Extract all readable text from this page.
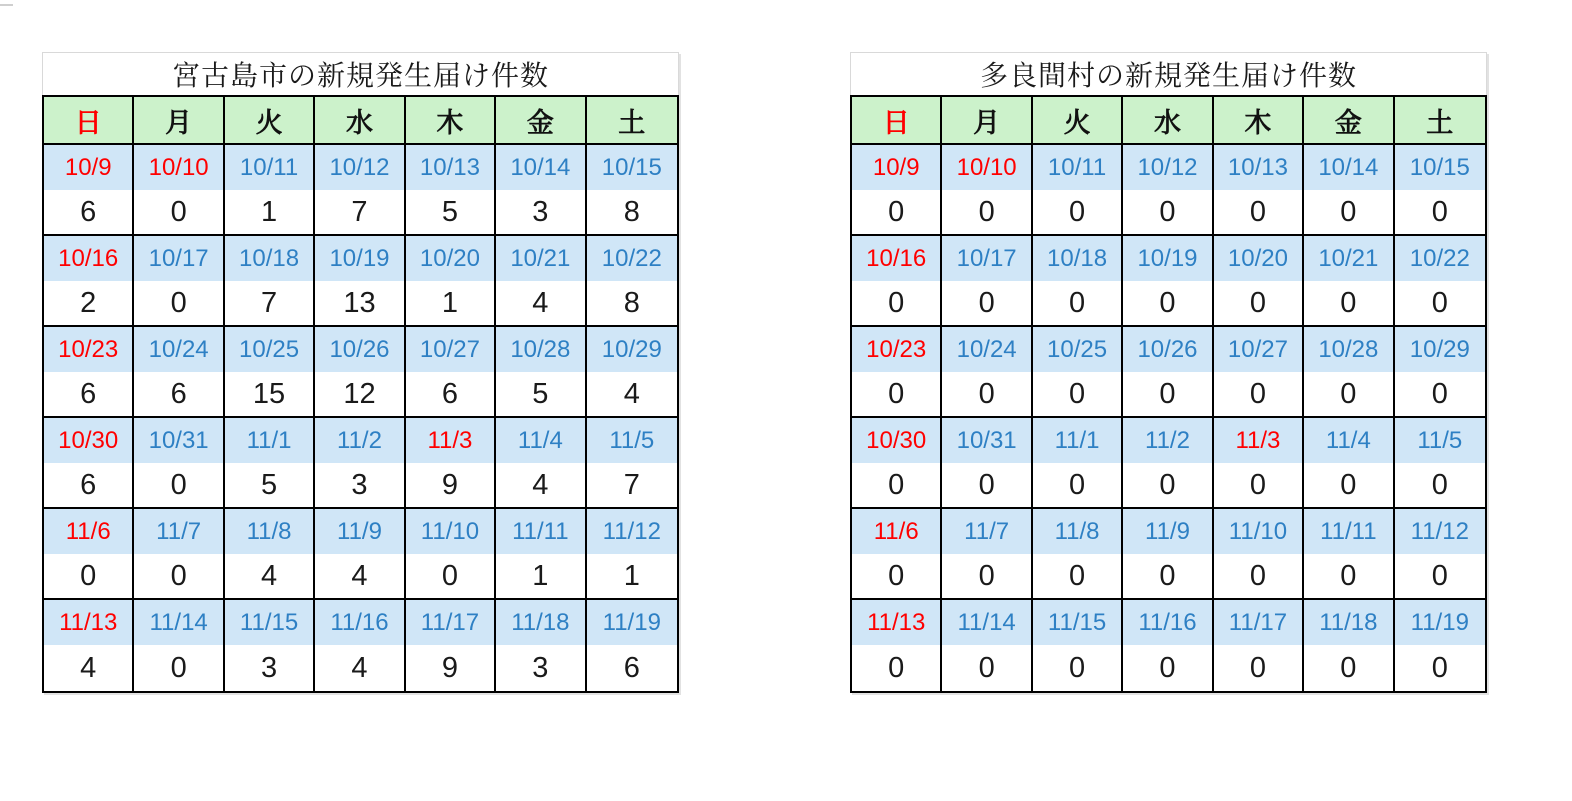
宮古島市の新規発生届け件数
日	月	火	水	木	金	土
10/9	10/10	10/11	10/12	10/13	10/14	10/15
6	0	1	7	5	3	8
10/16	10/17	10/18	10/19	10/20	10/21	10/22
2	0	7	13	1	4	8
10/23	10/24	10/25	10/26	10/27	10/28	10/29
6	6	15	12	6	5	4
10/30	10/31	11/1	11/2	11/3	11/4	11/5
6	0	5	3	9	4	7
11/6	11/7	11/8	11/9	11/10	11/11	11/12
0	0	4	4	0	1	1
11/13	11/14	11/15	11/16	11/17	11/18	11/19
4	0	3	4	9	3	6
多良間村の新規発生届け件数
日	月	火	水	木	金	土
10/9	10/10	10/11	10/12	10/13	10/14	10/15
0	0	0	0	0	0	0
10/16	10/17	10/18	10/19	10/20	10/21	10/22
0	0	0	0	0	0	0
10/23	10/24	10/25	10/26	10/27	10/28	10/29
0	0	0	0	0	0	0
10/30	10/31	11/1	11/2	11/3	11/4	11/5
0	0	0	0	0	0	0
11/6	11/7	11/8	11/9	11/10	11/11	11/12
0	0	0	0	0	0	0
11/13	11/14	11/15	11/16	11/17	11/18	11/19
0	0	0	0	0	0	0
